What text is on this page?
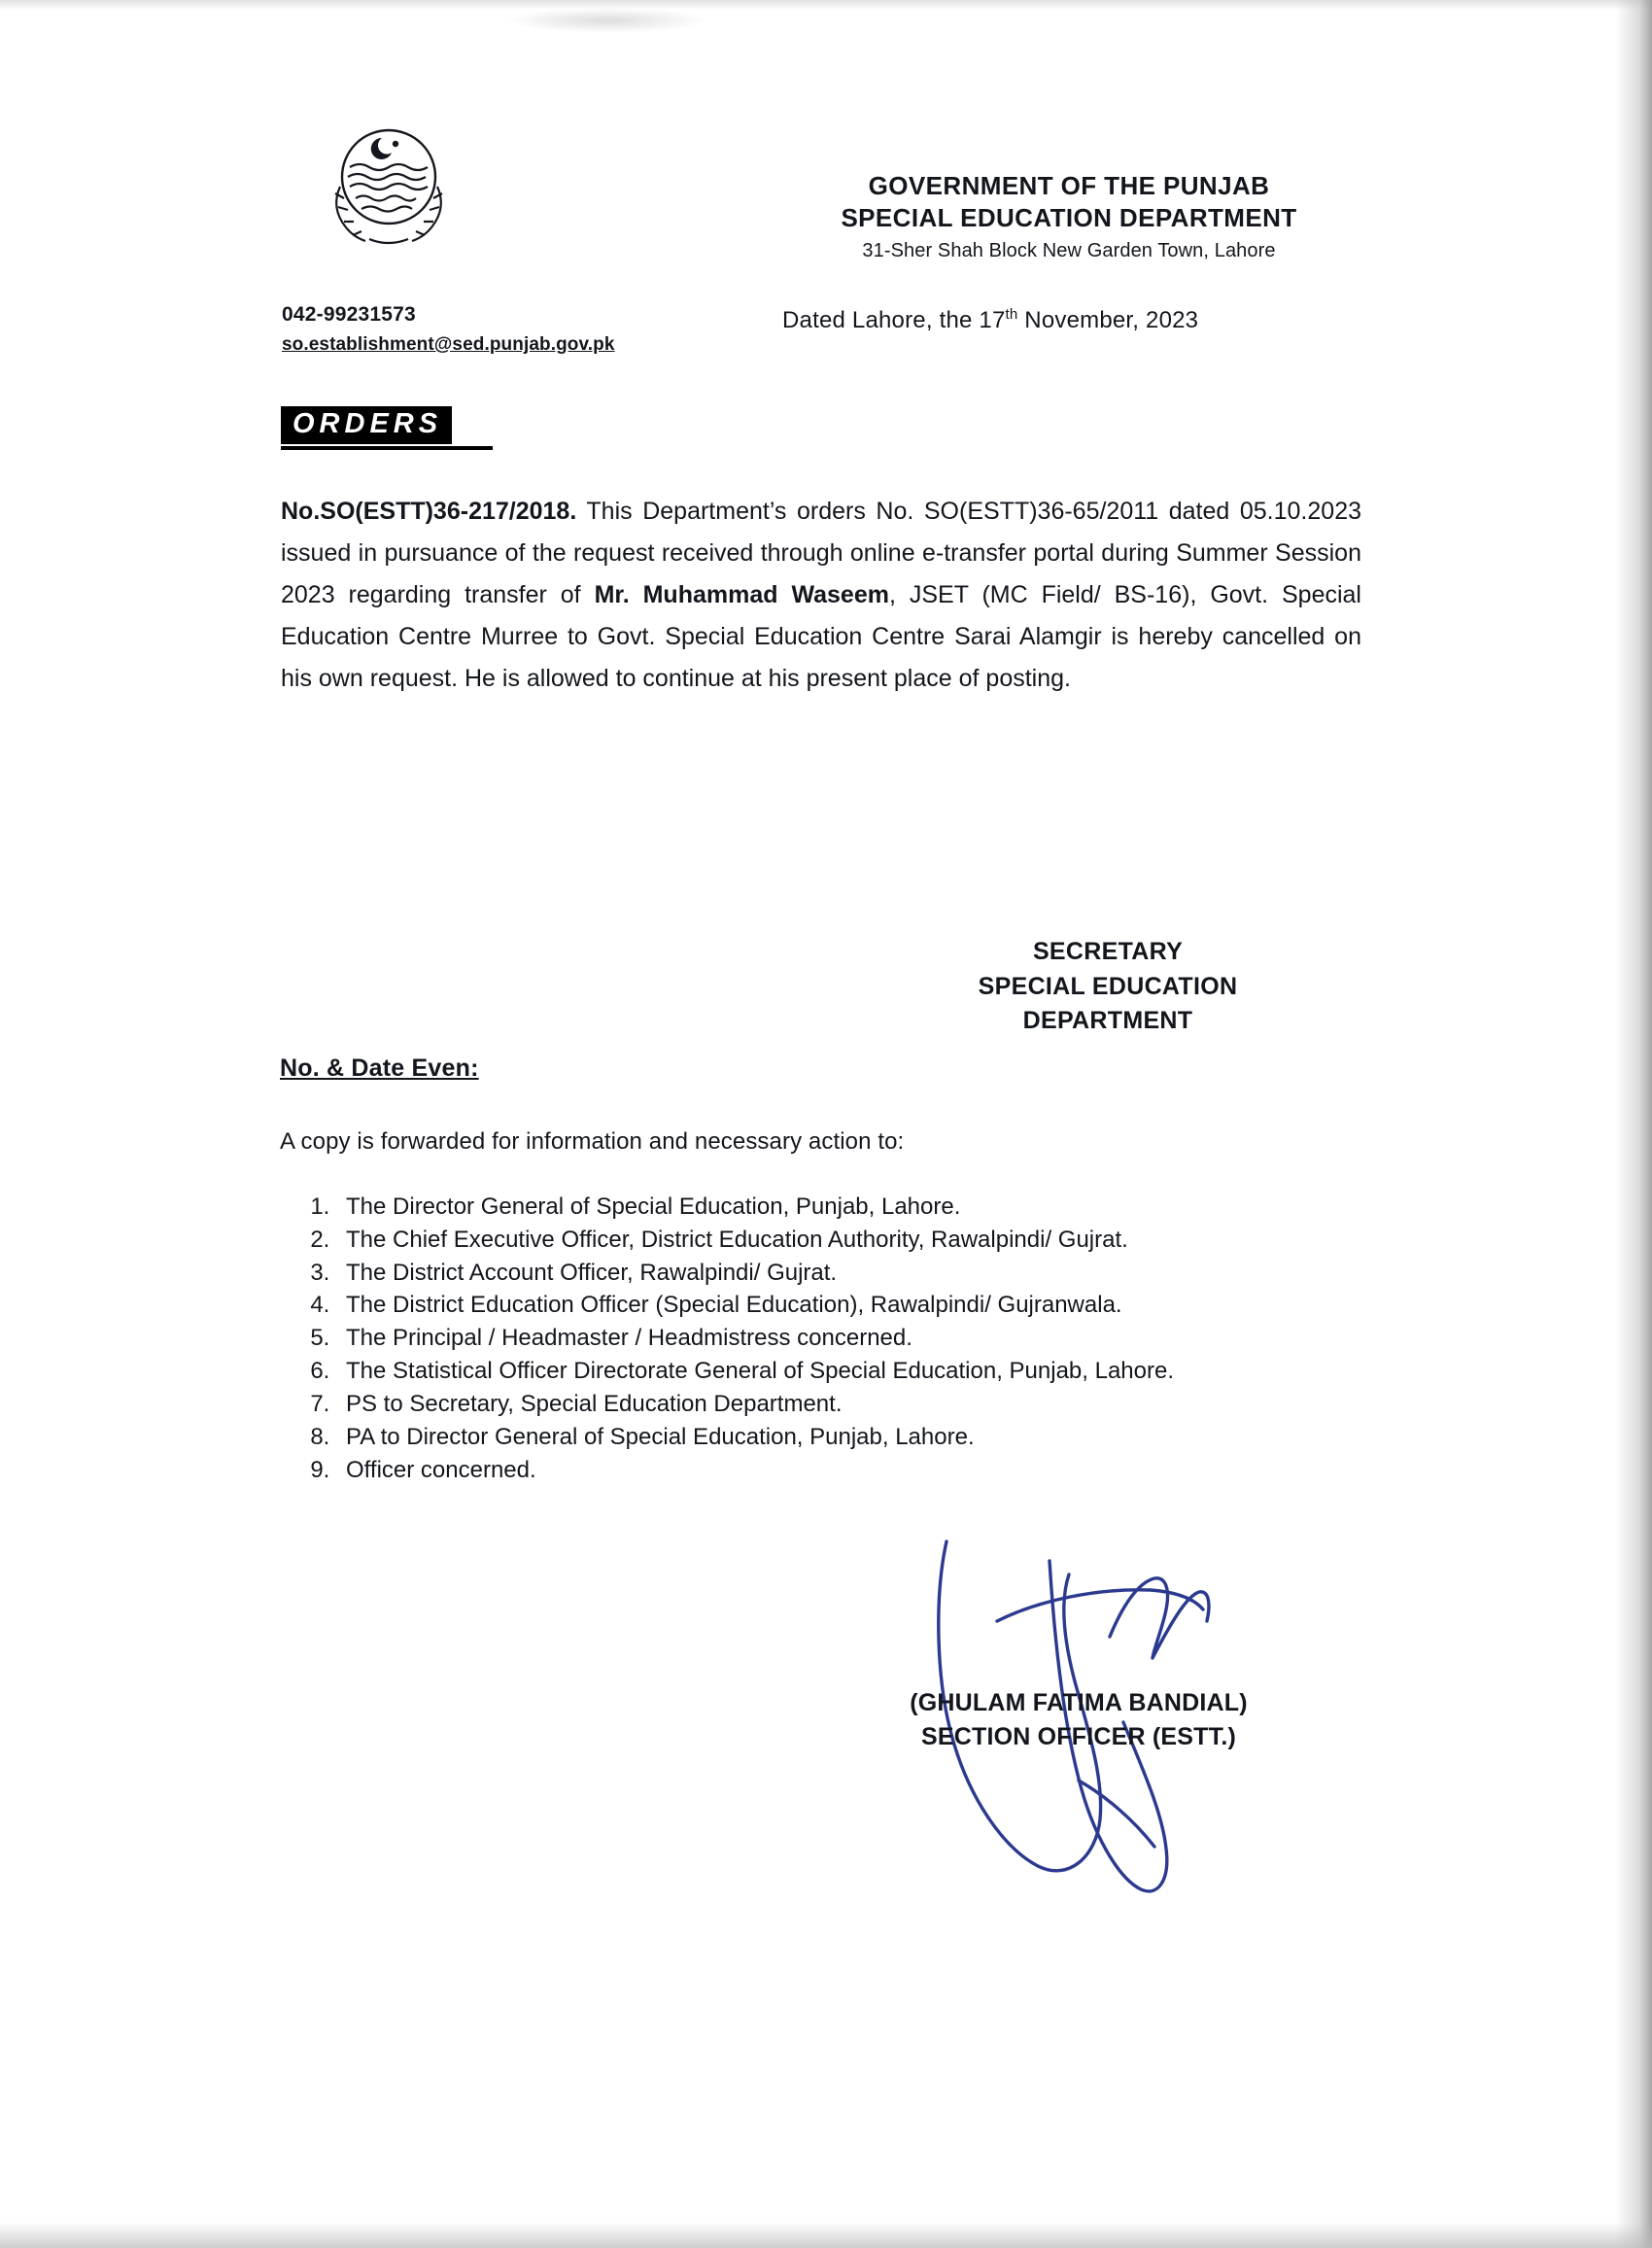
GOVERNMENT OF THE PUNJAB
SPECIAL EDUCATION DEPARTMENT
31-Sher Shah Block New Garden Town, Lahore
042-99231573
so.establishment@sed.punjab.gov.pk
Dated Lahore, the 17th November, 2023
ORDERS
No.SO(ESTT)36-217/2018. This Department’s orders No. SO(ESTT)36-65/2011 dated 05.10.2023 issued in pursuance of the request received through online e-transfer portal during Summer Session 2023 regarding transfer of Mr. Muhammad Waseem, JSET (MC Field/ BS-16), Govt. Special Education Centre Murree to Govt. Special Education Centre Sarai Alamgir is hereby cancelled on his own request. He is allowed to continue at his present place of posting.
SECRETARY
SPECIAL EDUCATION
DEPARTMENT
No. & Date Even:
A copy is forwarded for information and necessary action to:
1. The Director General of Special Education, Punjab, Lahore.
2. The Chief Executive Officer, District Education Authority, Rawalpindi/ Gujrat.
3. The District Account Officer, Rawalpindi/ Gujrat.
4. The District Education Officer (Special Education), Rawalpindi/ Gujranwala.
5. The Principal / Headmaster / Headmistress concerned.
6. The Statistical Officer Directorate General of Special Education, Punjab, Lahore.
7. PS to Secretary, Special Education Department.
8. PA to Director General of Special Education, Punjab, Lahore.
9. Officer concerned.
(GHULAM FATIMA BANDIAL)
SECTION OFFICER (ESTT.)
